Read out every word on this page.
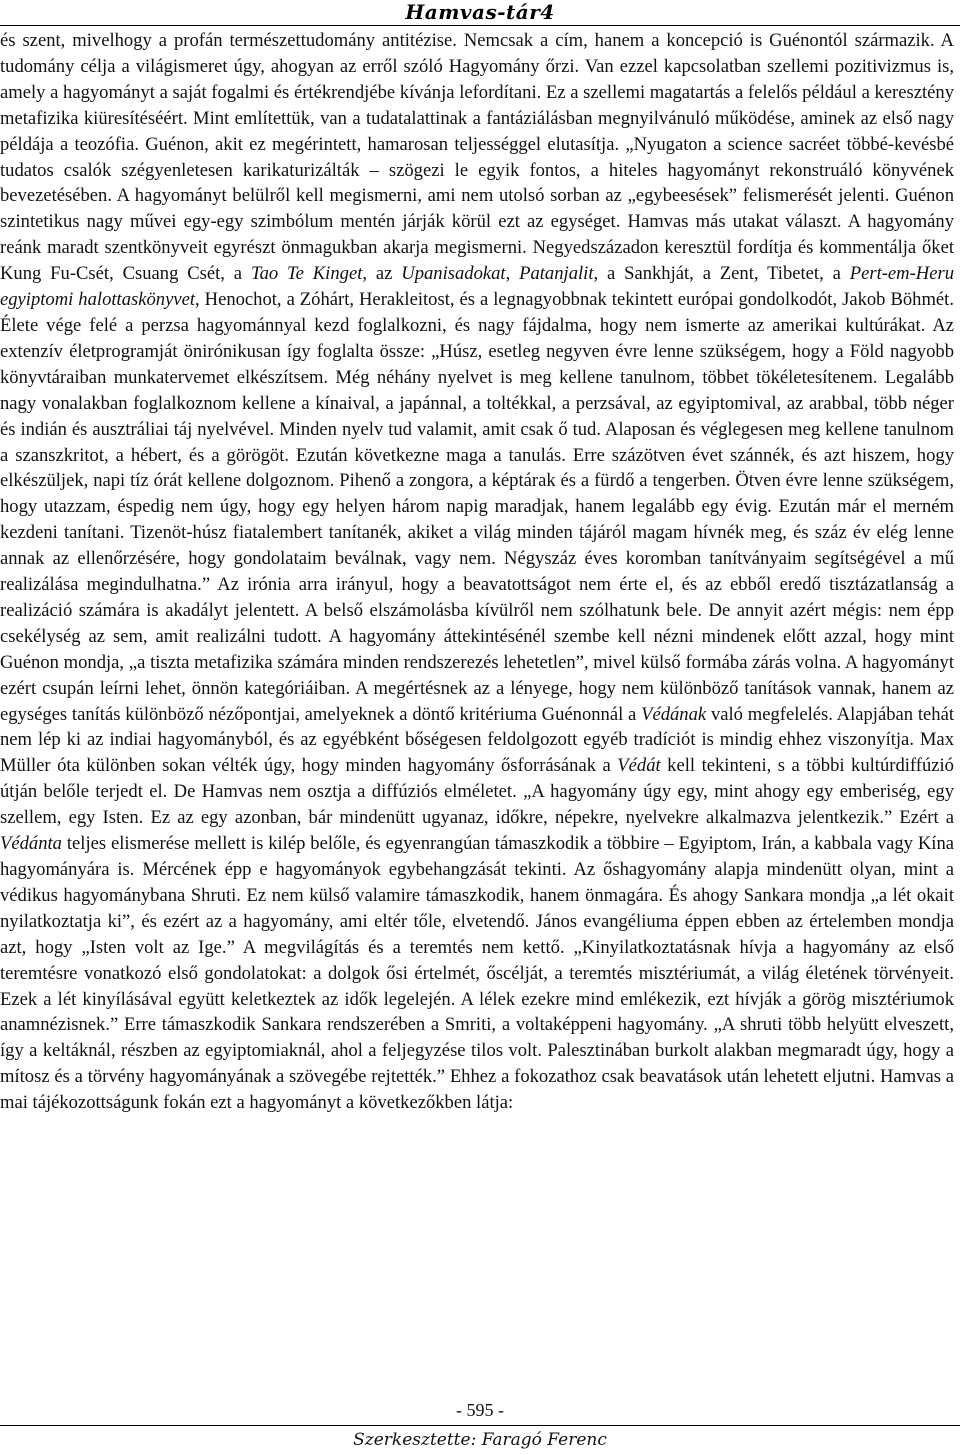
Hamvas-tár4

és szent, mivelhogy a profán természettudomány antitézise. Nemcsak a cím, hanem a koncepció is Guénontól származik. A tudomány célja a világismeret úgy, ahogyan az erről szóló Hagyomány őrzi. Van ezzel kapcsolatban szellemi pozitivizmus is, amely a hagyományt a saját fogalmi és értékrendjébe kívánja lefordítani. Ez a szellemi magatartás a felelős például a keresztény metafizika kiüresítéséért. Mint említettük, van a tudatalattinak a fantáziálásban megnyilvánuló működése, aminek az első nagy példája a teozófia. Guénon, akit ez megérintett, hamarosan teljességgel elutasítja. „Nyugaton a science sacréet többé-kevésbé tudatos csalók szégyenletesen karikaturizálták – szögezi le egyik fontos, a hiteles hagyományt rekonstruáló könyvének bevezetésében. A hagyományt belülről kell megismerni, ami nem utolsó sorban az „egybeesések” felismerését jelenti. Guénon szintetikus nagy művei egy-egy szimbólum mentén járják körül ezt az egységet. Hamvas más utakat választ. A hagyomány reánk maradt szentkönyveit egyrészt önmagukban akarja megismerni. Negyedszázadon keresztül fordítja és kommentálja őket Kung Fu-Csét, Csuang Csét, a Tao Te Kinget, az Upanisadokat, Patanjalit, a Sankhját, a Zent, Tibetet, a Pert-em-Heru egyiptomi halottaskönyvet, Henochot, a Zóhárt, Herakleitost, és a legnagyobbnak tekintett európai gondolkodót, Jakob Böhmét. Élete vége felé a perzsa hagyománnyal kezd foglalkozni, és nagy fájdalma, hogy nem ismerte az amerikai kultúrákat. Az extenzív életprogramját önirónikusan így foglalta össze: „Húsz, esetleg negyven évre lenne szükségem, hogy a Föld nagyobb könyvtáraiban munkatervemet elkészítsem. Még néhány nyelvet is meg kellene tanulnom, többet tökéletesítenem. Legalább nagy vonalakban foglalkoznom kellene a kínaival, a japánnal, a toltékkal, a perzsával, az egyiptomival, az arabbal, több néger és indián és ausztráliai táj nyelvével. Minden nyelv tud valamit, amit csak ő tud. Alaposan és véglegesen meg kellene tanulnom a szanszkritot, a hébert, és a görögöt. Ezután következne maga a tanulás. Erre százötven évet szánnék, és azt hiszem, hogy elkészüljek, napi tíz órát kellene dolgoznom. Pihenő a zongora, a képtárak és a fürdő a tengerben. Ötven évre lenne szükségem, hogy utazzam, éspedig nem úgy, hogy egy helyen három napig maradjak, hanem legalább egy évig. Ezután már el merném kezdeni tanítani. Tizenöt-húsz fiatalembert tanítanék, akiket a világ minden tájáról magam hívnék meg, és száz év elég lenne annak az ellenőrzésére, hogy gondolataim beválnak, vagy nem. Négyszáz éves koromban tanítványaim segítségével a mű realizálása megindulhatna.” Az irónia arra irányul, hogy a beavatottságot nem érte el, és az ebből eredő tisztázatlanság a realizáció számára is akadályt jelentett. A belső elszámolásba kívülről nem szólhatunk bele. De annyit azért mégis: nem épp csekélység az sem, amit realizálni tudott. A hagyomány áttekintésénél szembe kell nézni mindenek előtt azzal, hogy mint Guénon mondja, „a tiszta metafizika számára minden rendszerezés lehetetlen”, mivel külső formába zárás volna. A hagyományt ezért csupán leírni lehet, önnön kategóriáiban. A megértésnek az a lényege, hogy nem különböző tanítások vannak, hanem az egységes tanítás különböző nézőpontjai, amelyeknek a döntő kritériuma Guénonnál a Védának való megfelelés. Alapjában tehát nem lép ki az indiai hagyományból, és az egyébként bőségesen feldolgozott egyéb tradíciót is mindig ehhez viszonyítja. Max Müller óta különben sokan vélték úgy, hogy minden hagyomány ősforrásának a Védát kell tekinteni, s a többi kultúrdiffúzió útján belőle terjedt el. De Hamvas nem osztja a diffúziós elméletet. „A hagyomány úgy egy, mint ahogy egy emberiség, egy szellem, egy Isten. Ez az egy azonban, bár mindenütt ugyanaz, időkre, népekre, nyelvekre alkalmazva jelentkezik.” Ezért a Védánta teljes elismerése mellett is kilép belőle, és egyenrangúan támaszkodik a többire – Egyiptom, Irán, a kabbala vagy Kína hagyományára is. Mércének épp e hagyományok egybehangzását tekinti. Az őshagyomány alapja mindenütt olyan, mint a védikus hagyománybana Shruti. Ez nem külső valamire támaszkodik, hanem önmagára. És ahogy Sankara mondja „a lét okait nyilatkoztatja ki”, és ezért az a hagyomány, ami eltér tőle, elvetendő. János evangéliuma éppen ebben az értelemben mondja azt, hogy „Isten volt az Ige.” A megvilágítás és a teremtés nem kettő. „Kinyilatkoztatásnak hívja a hagyomány az első teremtésre vonatkozó első gondolatokat: a dolgok ősi értelmét, őscélját, a teremtés misztériumát, a világ életének törvényeit. Ezek a lét kinyílásával együtt keletkeztek az idők legelején. A lélek ezekre mind emlékezik, ezt hívják a görög misztériumok anamnézisnek.” Erre támaszkodik Sankara rendszerében a Smriti, a voltaképpeni hagyomány. „A shruti több helyütt elveszett, így a keltáknál, részben az egyiptomiaknál, ahol a feljegyzése tilos volt. Palesztinában burkolt alakban megmaradt úgy, hogy a mítosz és a törvény hagyományának a szövegébe rejtették.” Ehhez a fokozathoz csak beavatások után lehetett eljutni. Hamvas a mai tájékozottságunk fokán ezt a hagyományt a következőkben látja:

- 595 -
Szerkesztette: Faragó Ferenc
